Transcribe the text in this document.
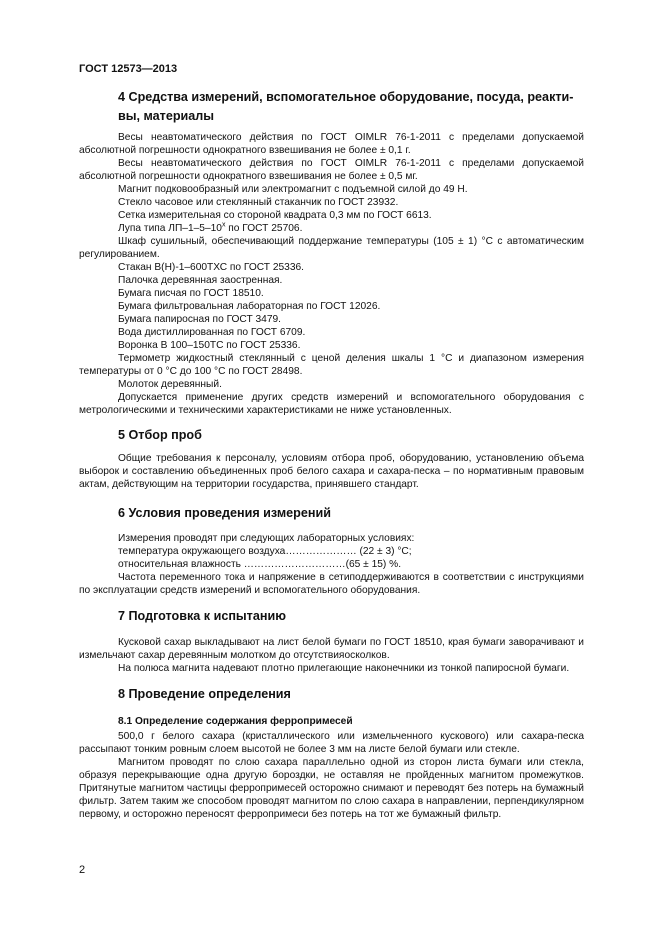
ГОСТ 12573—2013
4 Средства измерений, вспомогательное оборудование, посуда, реакти-
вы, материалы

Весы неавтоматического действия по ГОСТ OIMLR 76-1-2011 с пределами допускаемой абсолютной погрешности однократного взвешивания не более ± 0,1 г.

Весы неавтоматического действия по ГОСТ OIMLR 76-1-2011 с пределами допускаемой абсолютной погрешности однократного взвешивания не более ± 0,5 мг.

Магнит подковообразный или электромагнит с подъемной силой до 49 Н.

Стекло часовое или стеклянный стаканчик по ГОСТ 23932.

Сетка измерительная со стороной квадрата 0,3 мм по ГОСТ 6613.

Лупа типа $ЛП-1-5-10^х$ по ГОСТ 25706.

Шкаф сушильный, обеспечивающий поддержание температуры (105 ± 1) °С с автоматическим регулированием.

Стакан В(Н)-1–600ТХС по ГОСТ 25336.

Палочка деревянная заостренная.

Бумага писчая по ГОСТ 18510.

Бумага фильтровальная лабораторная по ГОСТ 12026.

Бумага папиросная по ГОСТ 3479.

Вода дистиллированная по ГОСТ 6709.

Воронка В 100–150ТС по ГОСТ 25336.

Термометр жидкостный стеклянный с ценой деления шкалы 1 °С и диапазоном измерения температуры от 0 °С до 100 °С по ГОСТ 28498.

Молоток деревянный.

Допускается применение других средств измерений и вспомогательного оборудования с метрологическими и техническими характеристиками не ниже установленных.

5 Отбор проб

Общие требования к персоналу, условиям отбора проб, оборудованию, установлению объема выборок и составлению объединенных проб белого сахара и сахара-песка – по нормативным правовым актам, действующим на территории государства, принявшего стандарт.

6 Условия проведения измерений

Измерения проводят при следующих лабораторных условиях:

температура окружающего воздуха………………… (22 ± 3) °С;

относительная влажность …………………………(65 ± 15) %.

Частота переменного тока и напряжение в сетиподдерживаются в соответствии с инструкциями по эксплуатации средств измерений и вспомогательного оборудования.

7 Подготовка к испытанию

Кусковой сахар выкладывают на лист белой бумаги по ГОСТ 18510, края бумаги заворачивают и измельчают сахар деревянным молотком до отсутствияосколков.

На полюса магнита надевают плотно прилегающие наконечники из тонкой папиросной бумаги.

8 Проведение определения
8.1 Определение содержания ферропримесей

500,0 г белого сахара (кристаллического или измельченного кускового) или сахара-песка рассыпают тонким ровным слоем высотой не более 3 мм на листе белой бумаги или стекле.

Магнитом проводят по слою сахара параллельно одной из сторон листа бумаги или стекла, образуя перекрывающие одна другую бороздки, не оставляя не пройденных магнитом промежутков. Притянутые магнитом частицы ферропримесей осторожно снимают и переводят без потерь на бумажный фильтр. Затем таким же способом проводят магнитом по слою сахара в направлении, перпендикулярном первому, и осторожно переносят ферропримеси без потерь на тот же бумажный фильтр.

2
